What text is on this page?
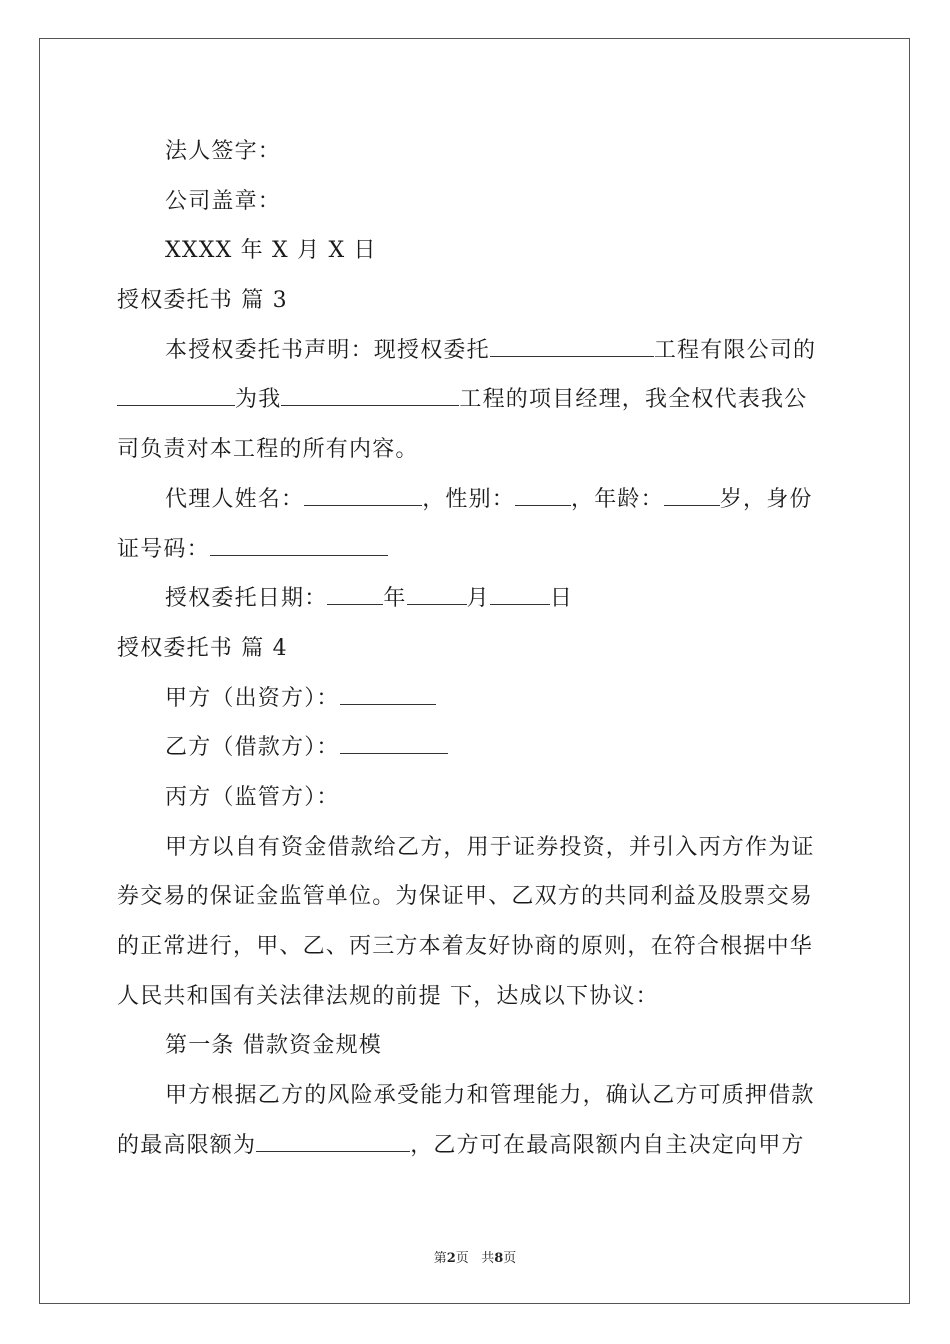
法人签字：
公司盖章：
XXXX 年 X 月 X 日
授权委托书 篇 3
本授权委托书声明：现授权委托	工程有限公司的
为我	工程的项目经理，我全权代表我公
司负责对本工程的所有内容。
代理人姓名：	，性别：	，年龄：	岁，身份
证号码：
授权委托日期：	年	月	日
授权委托书 篇 4
甲方（出资方）：
乙方（借款方）：
丙方（监管方）：
甲方以自有资金借款给乙方，用于证券投资，并引入丙方作为证
券交易的保证金监管单位。为保证甲、乙双方的共同利益及股票交易
的正常进行，甲、乙、丙三方本着友好协商的原则，在符合根据中华
人民共和国有关法律法规的前提 下，达成以下协议：
第一条 借款资金规模
甲方根据乙方的风险承受能力和管理能力，确认乙方可质押借款
的最高限额为	，乙方可在最高限额内自主决定向甲方
第2页 共8页
